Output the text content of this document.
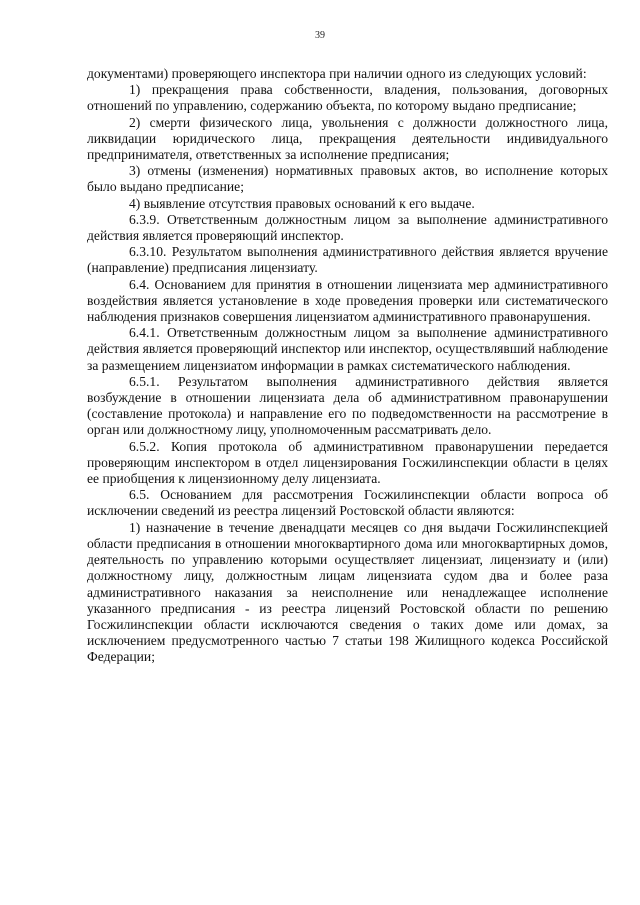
39

документами) проверяющего инспектора при наличии одного из следующих условий:

1) прекращения права собственности, владения, пользования, договорных отношений по управлению, содержанию объекта, по которому выдано предписание;

2) смерти физического лица, увольнения с должности должностного лица, ликвидации юридического лица, прекращения деятельности индивидуального предпринимателя, ответственных за исполнение предписания;

3) отмены (изменения) нормативных правовых актов, во исполнение которых было выдано предписание;

4) выявление отсутствия правовых оснований к его выдаче.

6.3.9. Ответственным должностным лицом за выполнение административного действия является проверяющий инспектор.

6.3.10. Результатом выполнения административного действия является вручение (направление) предписания лицензиату.

6.4. Основанием для принятия в отношении лицензиата мер административного воздействия является установление в ходе проведения проверки или систематического наблюдения признаков совершения лицензиатом административного правонарушения.

6.4.1. Ответственным должностным лицом за выполнение административного действия является проверяющий инспектор или инспектор, осуществлявший наблюдение за размещением лицензиатом информации в рамках систематического наблюдения.

6.5.1. Результатом выполнения административного действия является возбуждение в отношении лицензиата дела об административном правонарушении (составление протокола) и направление его по подведомственности на рассмотрение в орган или должностному лицу, уполномоченным рассматривать дело.

6.5.2. Копия протокола об административном правонарушении передается проверяющим инспектором в отдел лицензирования Госжилинспекции области в целях ее приобщения к лицензионному делу лицензиата.

6.5. Основанием для рассмотрения Госжилинспекции области вопроса об исключении сведений из реестра лицензий Ростовской области являются:

1) назначение в течение двенадцати месяцев со дня выдачи Госжилинспекцией области предписания в отношении многоквартирного дома или многоквартирных домов, деятельность по управлению которыми осуществляет лицензиат, лицензиату и (или) должностному лицу, должностным лицам лицензиата судом два и более раза административного наказания за неисполнение или ненадлежащее исполнение указанного предписания - из реестра лицензий Ростовской области по решению Госжилинспекции области исключаются сведения о таких доме или домах, за исключением предусмотренного частью 7 статьи 198 Жилищного кодекса Российской Федерации;
